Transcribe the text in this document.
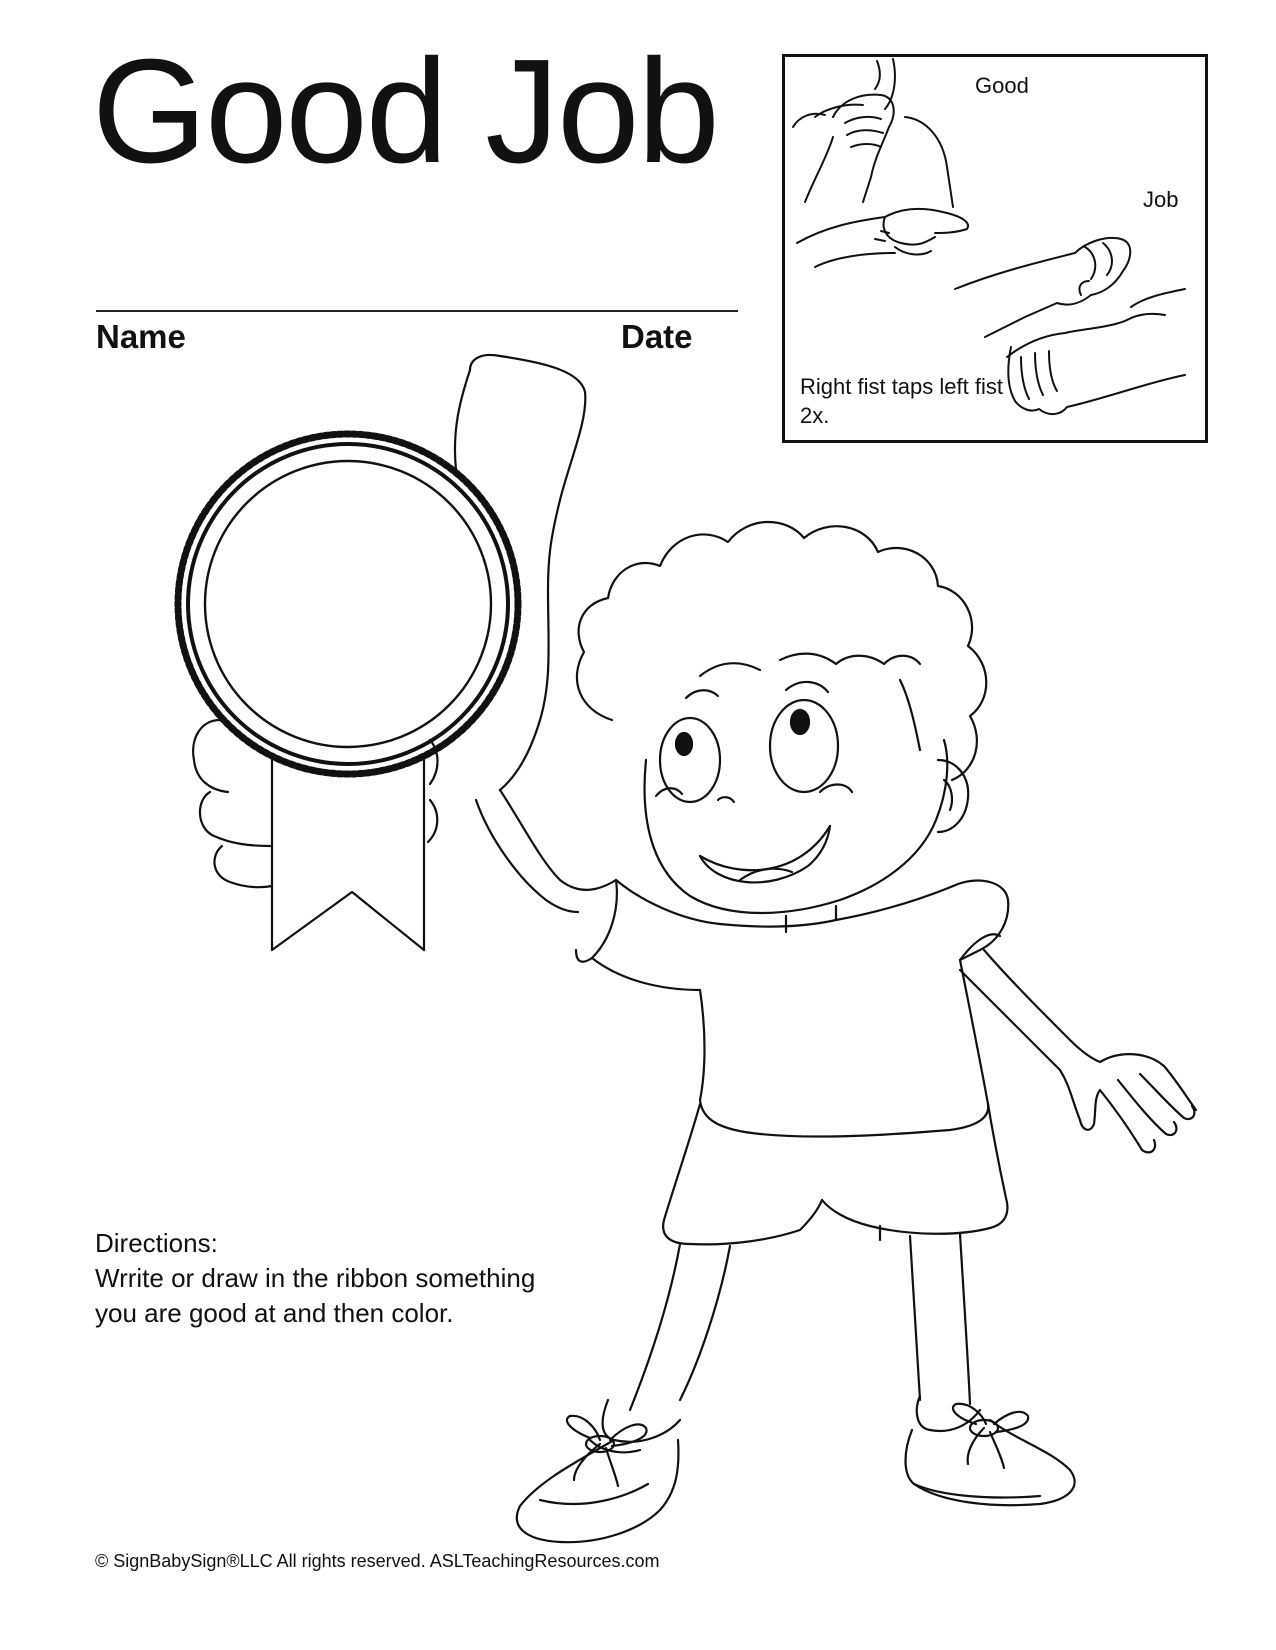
Good Job
Name	Date
Good
Job
Right fist taps left fist 2x.
Directions:
Wrrite or draw in the ribbon something
you are good at and then color.
© SignBabySign®LLC All rights reserved. ASLTeachingResources.com
